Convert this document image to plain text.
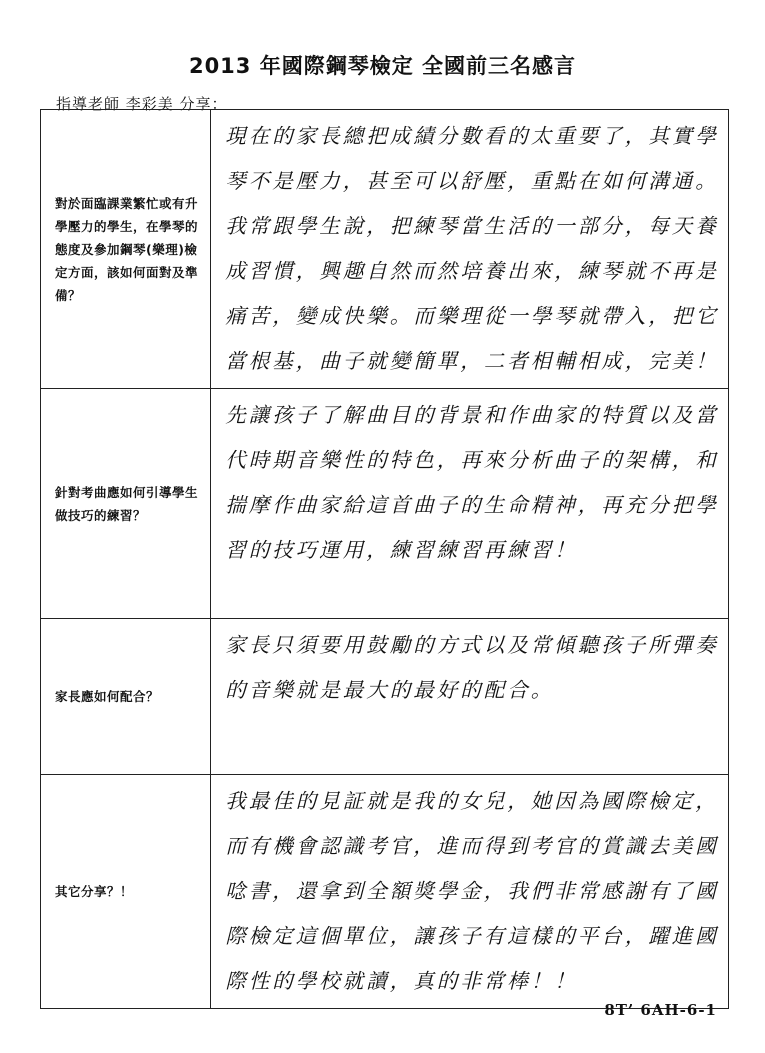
2013 年國際鋼琴檢定 全國前三名感言
指導老師 李彩美 分享：
對於面臨課業繁忙或有升學壓力的學生，在學琴的態度及參加鋼琴(樂理)檢定方面，該如何面對及準備？	現在的家長總把成績分數看的太重要了，其實學琴不是壓力，甚至可以舒壓，重點在如何溝通。我常跟學生說，把練琴當生活的一部分，每天養成習慣，興趣自然而然培養出來，練琴就不再是痛苦，變成快樂。而樂理從一學琴就帶入，把它當根基，曲子就變簡單，二者相輔相成，完美！

針對考曲應如何引導學生做技巧的練習？	先讓孩子了解曲目的背景和作曲家的特質以及當代時期音樂性的特色，再來分析曲子的架構，和揣摩作曲家給這首曲子的生命精神，再充分把學習的技巧運用，練習練習再練習！

家長應如何配合？	家長只須要用鼓勵的方式以及常傾聽孩子所彈奏的音樂就是最大的最好的配合。

其它分享？！	我最佳的見証就是我的女兒，她因為國際檢定，而有機會認識考官，進而得到考官的賞識去美國唸書，還拿到全額獎學金，我們非常感謝有了國際檢定這個單位，讓孩子有這樣的平台，躍進國際性的學校就讀，真的非常棒！！
8T’ 6AH-6-1
